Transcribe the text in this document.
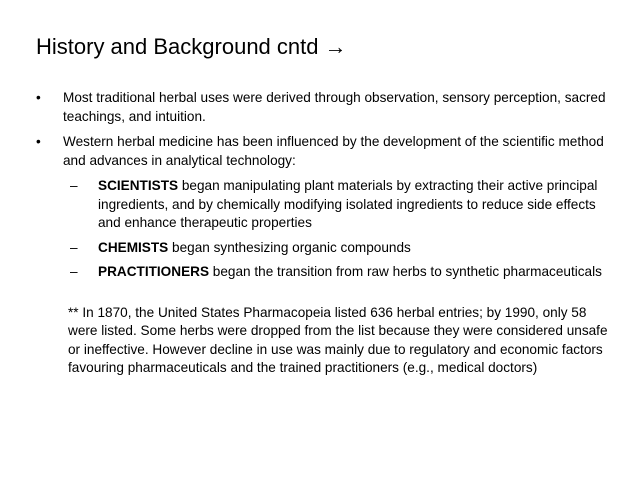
History and Background cntd →
• Most traditional herbal uses were derived through observation, sensory perception, sacred teachings, and intuition.
• Western herbal medicine has been influenced by the development of the scientific method and advances in analytical technology:
– SCIENTISTS began manipulating plant materials by extracting their active principal ingredients, and by chemically modifying isolated ingredients to reduce side effects and enhance therapeutic properties
– CHEMISTS began synthesizing organic compounds
– PRACTITIONERS began the transition from raw herbs to synthetic pharmaceuticals
** In 1870, the United States Pharmacopeia listed 636 herbal entries; by 1990, only 58 were listed. Some herbs were dropped from the list because they were considered unsafe or ineffective. However decline in use was mainly due to regulatory and economic factors favouring pharmaceuticals and the trained practitioners (e.g., medical doctors)
